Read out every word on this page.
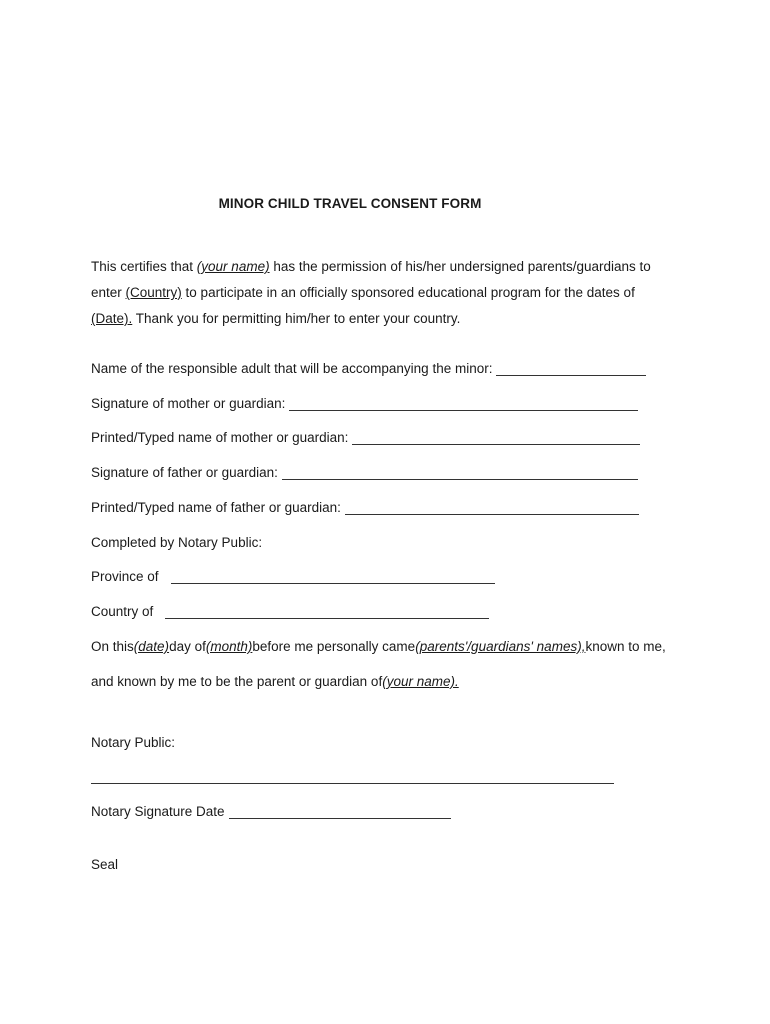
MINOR CHILD TRAVEL CONSENT FORM
This certifies that (your name) has the permission of his/her undersigned parents/guardians to enter (Country) to participate in an officially sponsored educational program for the dates of (Date). Thank you for permitting him/her to enter your country.
Name of the responsible adult that will be accompanying the minor:
Signature of mother or guardian:
Printed/Typed name of mother or guardian:
Signature of father or guardian:
Printed/Typed name of father or guardian:
Completed by Notary Public:
Province of
Country of
On this (date) day of (month) before me personally came (parents'/guardians' names), known to me,
and known by me to be the parent or guardian of (your name).
Notary Public:
Notary Signature Date
Seal
